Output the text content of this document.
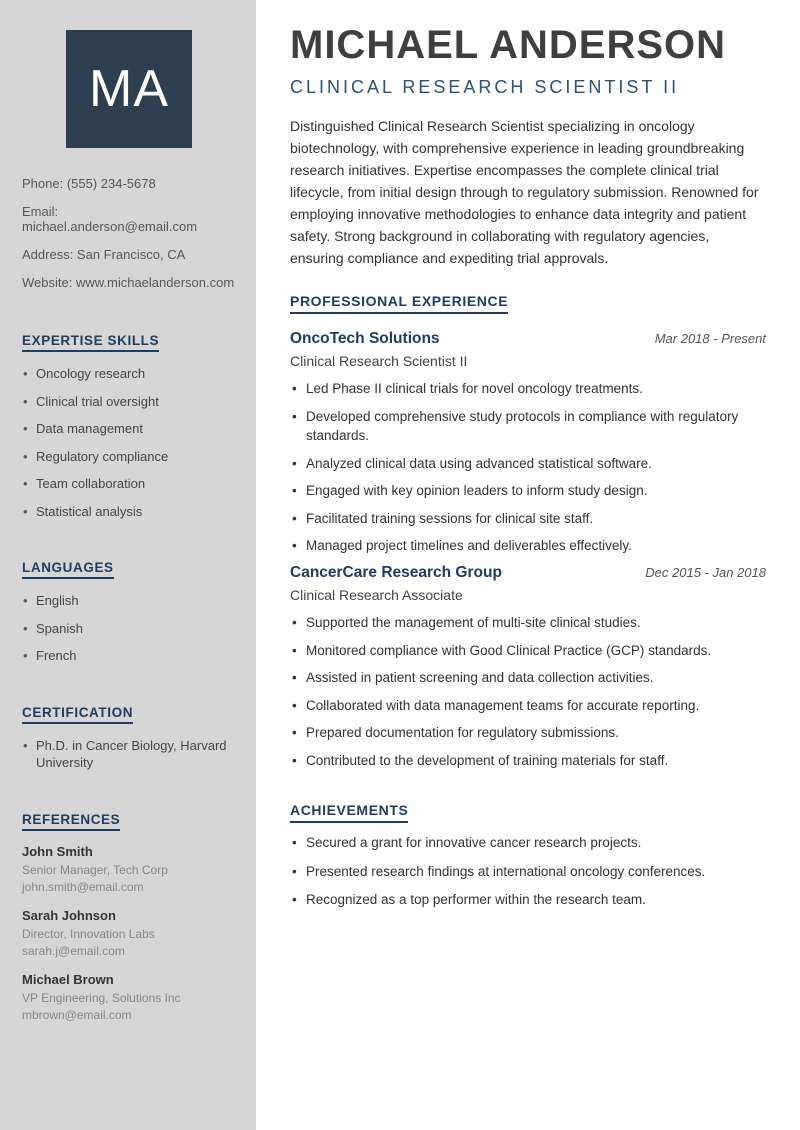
MA
Phone: (555) 234-5678
Email: michael.anderson@email.com
Address: San Francisco, CA
Website: www.michaelanderson.com
EXPERTISE SKILLS
• Oncology research
• Clinical trial oversight
• Data management
• Regulatory compliance
• Team collaboration
• Statistical analysis
LANGUAGES
• English
• Spanish
• French
CERTIFICATION
• Ph.D. in Cancer Biology, Harvard University
REFERENCES
John Smith
Senior Manager, Tech Corp
john.smith@email.com
Sarah Johnson
Director, Innovation Labs
sarah.j@email.com
Michael Brown
VP Engineering, Solutions Inc
mbrown@email.com
MICHAEL ANDERSON
CLINICAL RESEARCH SCIENTIST II

Distinguished Clinical Research Scientist specializing in oncology biotechnology, with comprehensive experience in leading groundbreaking research initiatives. Expertise encompasses the complete clinical trial lifecycle, from initial design through to regulatory submission. Renowned for employing innovative methodologies to enhance data integrity and patient safety. Strong background in collaborating with regulatory agencies, ensuring compliance and expediting trial approvals.

PROFESSIONAL EXPERIENCE
OncoTech Solutions	Mar 2018 - Present
Clinical Research Scientist II
• Led Phase II clinical trials for novel oncology treatments.
• Developed comprehensive study protocols in compliance with regulatory standards.
• Analyzed clinical data using advanced statistical software.
• Engaged with key opinion leaders to inform study design.
• Facilitated training sessions for clinical site staff.
• Managed project timelines and deliverables effectively.
CancerCare Research Group	Dec 2015 - Jan 2018
Clinical Research Associate
• Supported the management of multi-site clinical studies.
• Monitored compliance with Good Clinical Practice (GCP) standards.
• Assisted in patient screening and data collection activities.
• Collaborated with data management teams for accurate reporting.
• Prepared documentation for regulatory submissions.
• Contributed to the development of training materials for staff.
ACHIEVEMENTS
• Secured a grant for innovative cancer research projects.
• Presented research findings at international oncology conferences.
• Recognized as a top performer within the research team.
